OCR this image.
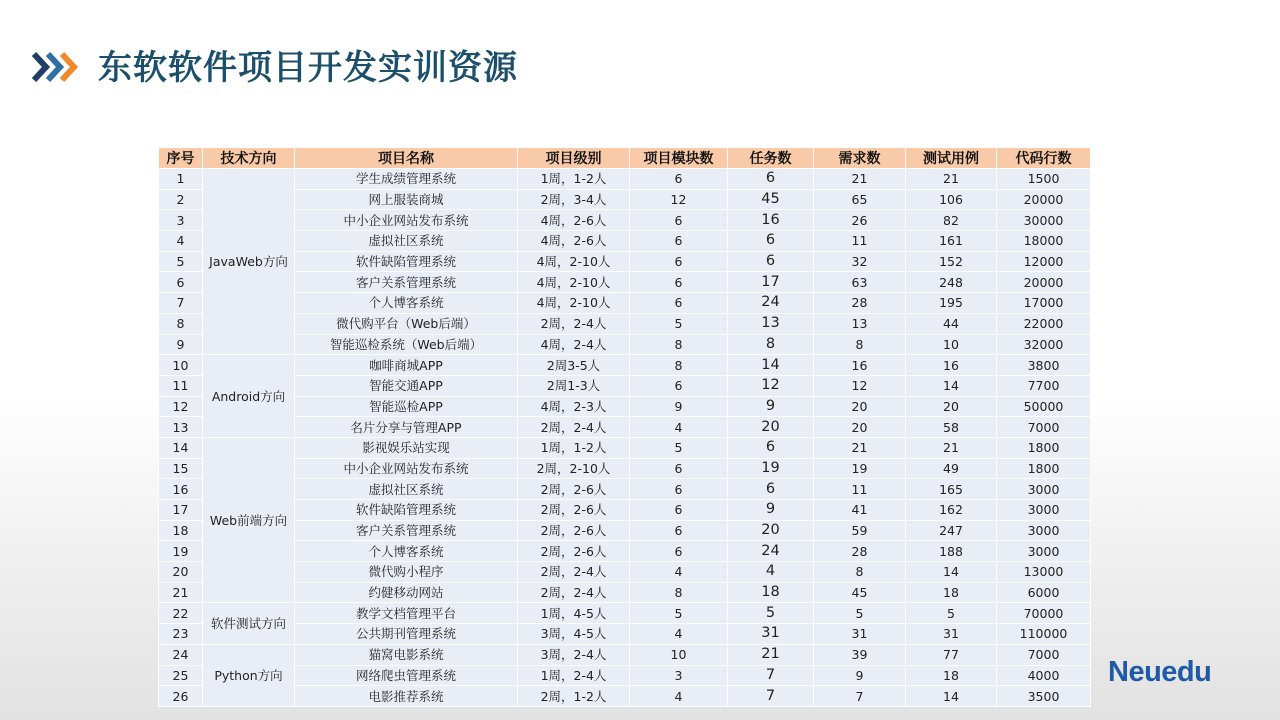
东软软件项目开发实训资源
序号	技术方向	项目名称	项目级别	项目模块数	任务数	需求数	测试用例	代码行数
1	JavaWeb方向	学生成绩管理系统	1周，1-2人	6	6	21	21	1500
2		网上服装商城	2周，3-4人	12	45	65	106	20000
3		中小企业网站发布系统	4周，2-6人	6	16	26	82	30000
4		虚拟社区系统	4周，2-6人	6	6	11	161	18000
5		软件缺陷管理系统	4周，2-10人	6	6	32	152	12000
6		客户关系管理系统	4周，2-10人	6	17	63	248	20000
7		个人博客系统	4周，2-10人	6	24	28	195	17000
8		微代购平台（Web后端）	2周，2-4人	5	13	13	44	22000
9		智能巡检系统（Web后端）	4周，2-4人	8	8	8	10	32000
10	Android方向	咖啡商城APP	2周3-5人	8	14	16	16	3800
11		智能交通APP	2周1-3人	6	12	12	14	7700
12		智能巡检APP	4周，2-3人	9	9	20	20	50000
13		名片分享与管理APP	2周，2-4人	4	20	20	58	7000
14	Web前端方向	影视娱乐站实现	1周，1-2人	5	6	21	21	1800
15		中小企业网站发布系统	2周，2-10人	6	19	19	49	1800
16		虚拟社区系统	2周，2-6人	6	6	11	165	3000
17		软件缺陷管理系统	2周，2-6人	6	9	41	162	3000
18		客户关系管理系统	2周，2-6人	6	20	59	247	3000
19		个人博客系统	2周，2-6人	6	24	28	188	3000
20		微代购小程序	2周，2-4人	4	4	8	14	13000
21		约健移动网站	2周，2-4人	8	18	45	18	6000
22	软件测试方向	教学文档管理平台	1周，4-5人	5	5	5	5	70000
23		公共期刊管理系统	3周，4-5人	4	31	31	31	110000
24	Python方向	猫窝电影系统	3周，2-4人	10	21	39	77	7000
25		网络爬虫管理系统	1周，2-4人	3	7	9	18	4000
26		电影推荐系统	2周，1-2人	4	7	7	14	3500
Neuedu
